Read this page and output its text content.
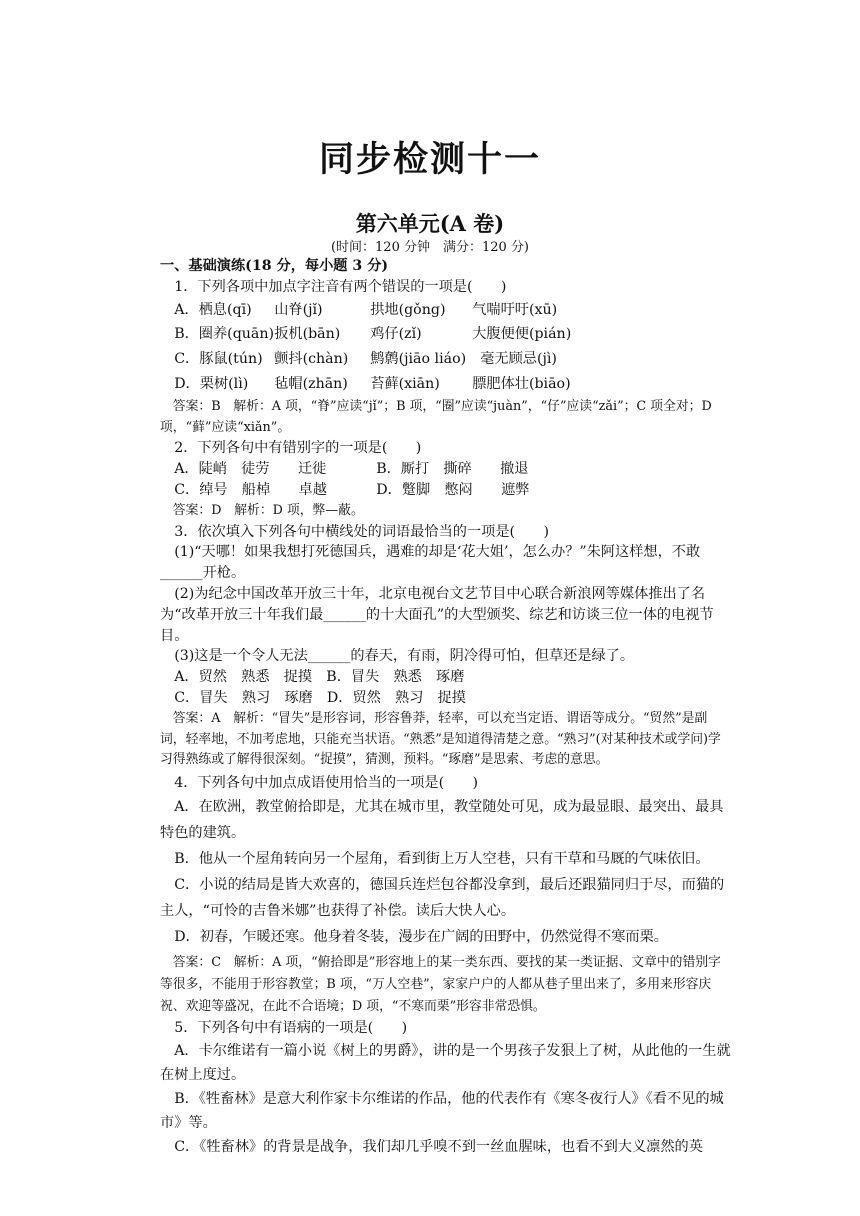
同步检测十一
第六单元(A 卷)
(时间：120 分钟　满分：120 分)

一、基础演练(18 分，每小题 3 分)

1．下列各项中加点字注音有两个错误的一项是(　　)

A．栖息(qī)	山脊(jǐ)	拱地(gǒng)	气喘吁吁(xū)
B．圈养(quān) 扳机(bān)	鸡仔(zǐ)	大腹便便(pián)
C．豚鼠(tún) 颤抖(chàn)	鹪鹩(jiāo liáo) 毫无顾忌(jì)
D．栗树(lì)	毡帽(zhān)	苔藓(xiān)	膘肥体壮(biāo)

答案：B　解析：A 项，“脊”应读“jǐ”；B 项，“圈”应读“juàn”，“仔”应读“zǎi”；C 项全对；D 项，“藓”应读“xiǎn”。

2．下列各句中有错别字的一项是(　　)

A．陡峭　徒劳　　迁徙	B．厮打　撕碎　　撤退
C．绰号　船棹　　卓越	D．蹩脚　憋闷　　遮弊

答案：D　解析：D 项，弊—蔽。

3．依次填入下列各句中横线处的词语最恰当的一项是(　　)

(1)“天哪！如果我想打死德国兵，遇难的却是‘花大姐’，怎么办？”朱阿这样想，不敢______开枪。

(2)为纪念中国改革开放三十年，北京电视台文艺节目中心联合新浪网等媒体推出了名为“改革开放三十年我们最______的十大面孔”的大型颁奖、综艺和访谈三位一体的电视节目。

(3)这是一个令人无法______的春天，有雨，阴冷得可怕，但草还是绿了。

A．贸然　熟悉　捉摸　B．冒失　熟悉　琢磨

C．冒失　熟习　琢磨　D．贸然　熟习　捉摸

答案：A　解析：“冒失”是形容词，形容鲁莽，轻率，可以充当定语、谓语等成分。“贸然”是副词，轻率地，不加考虑地，只能充当状语。“熟悉”是知道得清楚之意。“熟习”(对某种技术或学问)学习得熟练或了解得很深刻。“捉摸”，猜测，预料。“琢磨”是思索、考虑的意思。

4．下列各句中加点成语使用恰当的一项是(　　)

A．在欧洲，教堂俯拾即是，尤其在城市里，教堂随处可见，成为最显眼、最突出、最具特色的建筑。

B．他从一个屋角转向另一个屋角，看到街上万人空巷，只有干草和马厩的气味依旧。

C．小说的结局是皆大欢喜的，德国兵连烂包谷都没拿到，最后还跟猫同归于尽，而猫的主人，“可怜的吉鲁米娜”也获得了补偿。读后大快人心。

D．初春，乍暖还寒。他身着冬装，漫步在广阔的田野中，仍然觉得不寒而栗。

答案：C　解析：A 项，“俯拾即是”形容地上的某一类东西、要找的某一类证据、文章中的错别字等很多，不能用于形容教堂；B 项，“万人空巷”，家家户户的人都从巷子里出来了，多用来形容庆祝、欢迎等盛况，在此不合语境；D 项，“不寒而栗”形容非常恐惧。

5．下列各句中有语病的一项是(　　)

A．卡尔维诺有一篇小说《树上的男爵》，讲的是一个男孩子发狠上了树，从此他的一生就在树上度过。

B．《牲畜林》是意大利作家卡尔维诺的作品，他的代表作有《寒冬夜行人》《看不见的城市》等。

C．《牲畜林》的背景是战争，我们却几乎嗅不到一丝血腥味，也看不到大义凛然的英
